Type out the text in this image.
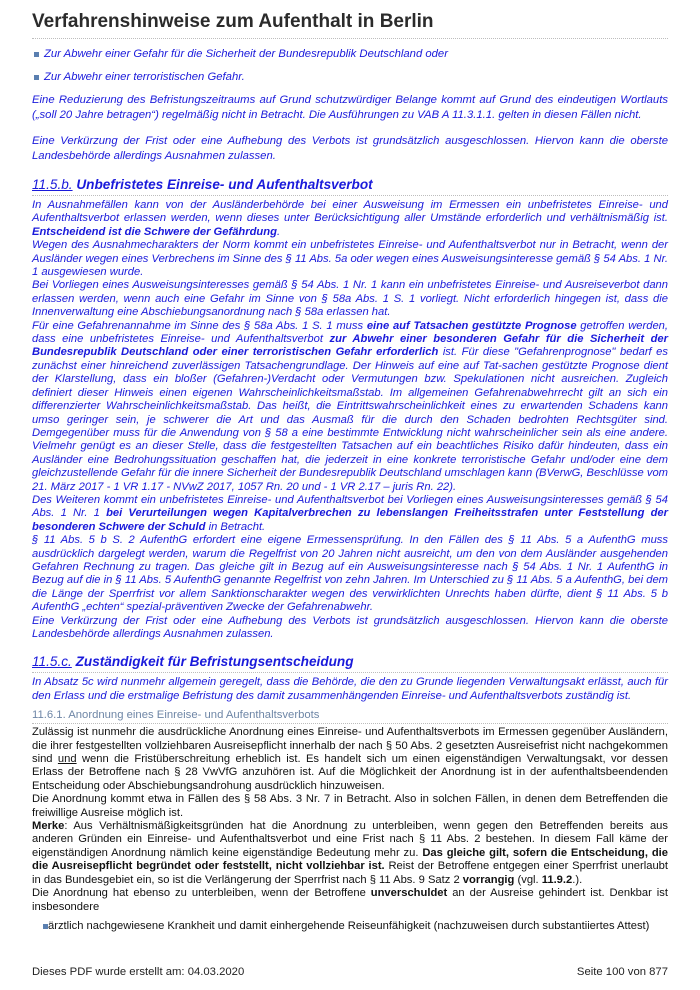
Verfahrenshinweise zum Aufenthalt in Berlin
Zur Abwehr einer Gefahr für die Sicherheit der Bundesrepublik Deutschland oder
Zur Abwehr einer terroristischen Gefahr.

Eine Reduzierung des Befristungszeitraums auf Grund schutzwürdiger Belange kommt auf Grund des eindeutigen Wortlauts („soll 20 Jahre betragen“) regelmäßig nicht in Betracht. Die Ausführungen zu VAB A 11.3.1.1. gelten in diesen Fällen nicht.

Eine Verkürzung der Frist oder eine Aufhebung des Verbots ist grundsätzlich ausgeschlossen. Hiervon kann die oberste Landesbehörde allerdings Ausnahmen zulassen.

11.5.b. Unbefristetes Einreise- und Aufenthaltsverbot

In Ausnahmefällen kann von der Ausländerbehörde bei einer Ausweisung im Ermessen ein unbefristetes Einreise- und Aufenthaltsverbot erlassen werden, wenn dieses unter Berücksichtigung aller Umstände erforderlich und verhältnismäßig ist. Entscheidend ist die Schwere der Gefährdung.

Wegen des Ausnahmecharakters der Norm kommt ein unbefristetes Einreise- und Aufenthaltsverbot nur in Betracht, wenn der Ausländer wegen eines Verbrechens im Sinne des § 11 Abs. 5a oder wegen eines Ausweisungsinteresse gemäß § 54 Abs. 1 Nr. 1 ausgewiesen wurde.

Bei Vorliegen eines Ausweisungsinteresses gemäß § 54 Abs. 1 Nr. 1 kann ein unbefristetes Einreise- und Ausreiseverbot dann erlassen werden, wenn auch eine Gefahr im Sinne von § 58a Abs. 1 S. 1 vorliegt. Nicht erforderlich hingegen ist, dass die Innenverwaltung eine Abschiebungsanordnung nach § 58a erlassen hat.

Für eine Gefahrenannahme im Sinne des § 58a Abs. 1 S. 1 muss eine auf Tatsachen gestützte Prognose getroffen werden, dass eine unbefristetes Einreise- und Aufenthaltsverbot zur Abwehr einer besonderen Gefahr für die Sicherheit der Bundesrepublik Deutschland oder einer terroristischen Gefahr erforderlich ist. Für diese "Gefahrenprognose" bedarf es zunächst einer hinreichend zuverlässigen Tatsachengrundlage. Der Hinweis auf eine auf Tat-sachen gestützte Prognose dient der Klarstellung, dass ein bloßer (Gefahren-)Verdacht oder Vermutungen bzw. Spekulationen nicht ausreichen. Zugleich definiert dieser Hinweis einen eigenen Wahrscheinlichkeitsmaßstab. Im allgemeinen Gefahrenabwehrrecht gilt an sich ein differenzierter Wahrscheinlichkeitsmaßstab. Das heißt, die Eintrittswahrscheinlichkeit eines zu erwartenden Schadens kann umso geringer sein, je schwerer die Art und das Ausmaß für die durch den Schaden bedrohten Rechtsgüter sind. Demgegenüber muss für die Anwendung von § 58 a eine bestimmte Entwicklung nicht wahrscheinlicher sein als eine andere. Vielmehr genügt es an dieser Stelle, dass die festgestellten Tatsachen auf ein beachtliches Risiko dafür hindeuten, dass ein Ausländer eine Bedrohungssituation geschaffen hat, die jederzeit in eine konkrete terroristische Gefahr und/oder eine dem gleichzustellende Gefahr für die innere Sicherheit der Bundesrepublik Deutschland umschlagen kann (BVerwG, Beschlüsse vom 21. März 2017 - 1 VR 1.17 - NVwZ 2017, 1057 Rn. 20 und - 1 VR 2.17 – juris Rn. 22).

Des Weiteren kommt ein unbefristetes Einreise- und Aufenthaltsverbot bei Vorliegen eines Ausweisungsinteresses gemäß § 54 Abs. 1 Nr. 1 bei Verurteilungen wegen Kapitalverbrechen zu lebenslangen Freiheitsstrafen unter Feststellung der besonderen Schwere der Schuld in Betracht.

§ 11 Abs. 5 b S. 2 AufenthG erfordert eine eigene Ermessensprüfung. In den Fällen des § 11 Abs. 5 a AufenthG muss ausdrücklich dargelegt werden, warum die Regelfrist von 20 Jahren nicht ausreicht, um den von dem Ausländer ausgehenden Gefahren Rechnung zu tragen. Das gleiche gilt in Bezug auf ein Ausweisungsinteresse nach § 54 Abs. 1 Nr. 1 AufenthG in Bezug auf die in § 11 Abs. 5 AufenthG genannte Regelfrist von zehn Jahren. Im Unterschied zu § 11 Abs. 5 a AufenthG, bei dem die Länge der Sperrfrist vor allem Sanktionscharakter wegen des verwirklichten Unrechts haben dürfte, dient § 11 Abs. 5 b AufenthG „echten“ spezial-präventiven Zwecke der Gefahrenabwehr.

Eine Verkürzung der Frist oder eine Aufhebung des Verbots ist grundsätzlich ausgeschlossen. Hiervon kann die oberste Landesbehörde allerdings Ausnahmen zulassen.

11.5.c. Zuständigkeit für Befristungsentscheidung

In Absatz 5c wird nunmehr allgemein geregelt, dass die Behörde, die den zu Grunde liegenden Verwaltungsakt erlässt, auch für den Erlass und die erstmalige Befristung des damit zusammenhängenden Einreise- und Aufenthaltsverbots zuständig ist.

11.6.1. Anordnung eines Einreise- und Aufenthaltsverbots

Zulässig ist nunmehr die ausdrückliche Anordnung eines Einreise- und Aufenthaltsverbots im Ermessen gegenüber Ausländern, die ihrer festgestellten vollziehbaren Ausreisepflicht innerhalb der nach § 50 Abs. 2 gesetzten Ausreisefrist nicht nachgekommen sind und wenn die Fristüberschreitung erheblich ist. Es handelt sich um einen eigenständigen Verwaltungsakt, vor dessen Erlass der Betroffene nach § 28 VwVfG anzuhören ist. Auf die Möglichkeit der Anordnung ist in der aufenthaltsbeendenden Entscheidung oder Abschiebungsandrohung ausdrücklich hinzuweisen.

Die Anordnung kommt etwa in Fällen des § 58 Abs. 3 Nr. 7 in Betracht. Also in solchen Fällen, in denen dem Betreffenden die freiwillige Ausreise möglich ist.

Merke: Aus Verhältnismäßigkeitsgründen hat die Anordnung zu unterbleiben, wenn gegen den Betreffenden bereits aus anderen Gründen ein Einreise- und Aufenthaltsverbot und eine Frist nach § 11 Abs. 2 bestehen. In diesem Fall käme der eigenständigen Anordnung nämlich keine eigenständige Bedeutung mehr zu. Das gleiche gilt, sofern die Entscheidung, die die Ausreisepflicht begründet oder feststellt, nicht vollziehbar ist. Reist der Betroffene entgegen einer Sperrfrist unerlaubt in das Bundesgebiet ein, so ist die Verlängerung der Sperrfrist nach § 11 Abs. 9 Satz 2 vorrangig (vgl. 11.9.2.).

Die Anordnung hat ebenso zu unterbleiben, wenn der Betroffene unverschuldet an der Ausreise gehindert ist. Denkbar ist insbesondere

ärztlich nachgewiesene Krankheit und damit einhergehende Reiseunfähigkeit (nachzuweisen durch substantiiertes Attest)
Dieses PDF wurde erstellt am: 04.03.2020	Seite 100 von 877
